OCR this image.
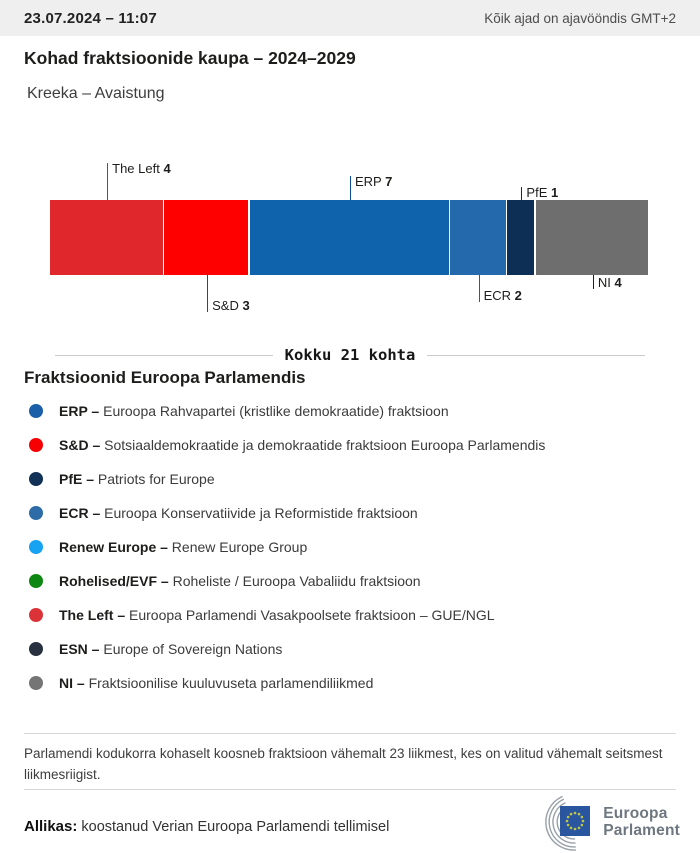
23.07.2024 – 11:07	Kõik ajad on ajavööndis GMT+2
Kohad fraktsioonide kaupa – 2024–2029
Kreeka – Avaistung
The Left 4
S&D 3
ERP 7
ECR 2
PfE 1
NI 4
Kokku 21 kohta
Fraktsioonid Euroopa Parlamendis
ERP – Euroopa Rahvapartei (kristlike demokraatide) fraktsioon
S&D – Sotsiaaldemokraatide ja demokraatide fraktsioon Euroopa Parlamendis
PfE – Patriots for Europe
ECR – Euroopa Konservatiivide ja Reformistide fraktsioon
Renew Europe – Renew Europe Group
Rohelised/EVF – Roheliste / Euroopa Vabaliidu fraktsioon
The Left – Euroopa Parlamendi Vasakpoolsete fraktsioon – GUE/NGL
ESN – Europe of Sovereign Nations
NI – Fraktsioonilise kuuluvuseta parlamendiliikmed

Parlamendi kodukorra kohaselt koosneb fraktsioon vähemalt 23 liikmest, kes on valitud vähemalt seitsmest liikmesriigist.

Allikas: koostanud Verian Euroopa Parlamendi tellimisel

Euroopa
Parlament
